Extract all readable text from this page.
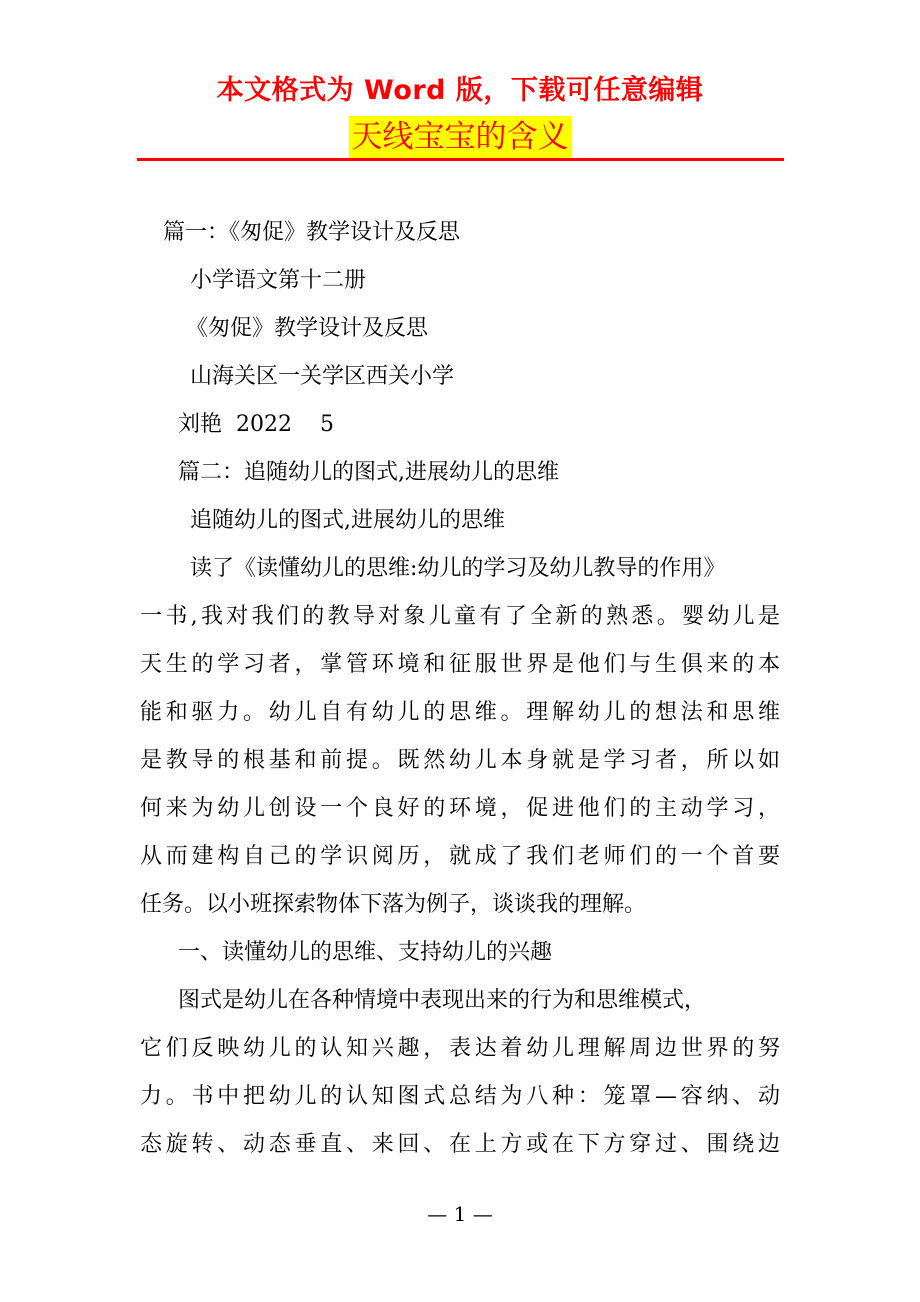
本文格式为 Word 版，下载可任意编辑
天线宝宝的含义
篇一：《匆促》教学设计及反思
小学语文第十二册
《匆促》教学设计及反思
山海关区一关学区西关小学
刘艳  2022    5
篇二：追随幼儿的图式,进展幼儿的思维
追随幼儿的图式,进展幼儿的思维
读了《读懂幼儿的思维:幼儿的学习及幼儿教导的作用》
一书,我对我们的教导对象儿童有了全新的熟悉。婴幼儿是
天生的学习者，掌管环境和征服世界是他们与生俱来的本
能和驱力。幼儿自有幼儿的思维。理解幼儿的想法和思维
是教导的根基和前提。既然幼儿本身就是学习者，所以如
何来为幼儿创设一个良好的环境，促进他们的主动学习，
从而建构自己的学识阅历，就成了我们老师们的一个首要
任务。以小班探索物体下落为例子，谈谈我的理解。
一、读懂幼儿的思维、支持幼儿的兴趣
图式是幼儿在各种情境中表现出来的行为和思维模式，
它们反映幼儿的认知兴趣，表达着幼儿理解周边世界的努
力。书中把幼儿的认知图式总结为八种：笼罩—容纳、动
态旋转、动态垂直、来回、在上方或在下方穿过、围绕边
— 1 —
